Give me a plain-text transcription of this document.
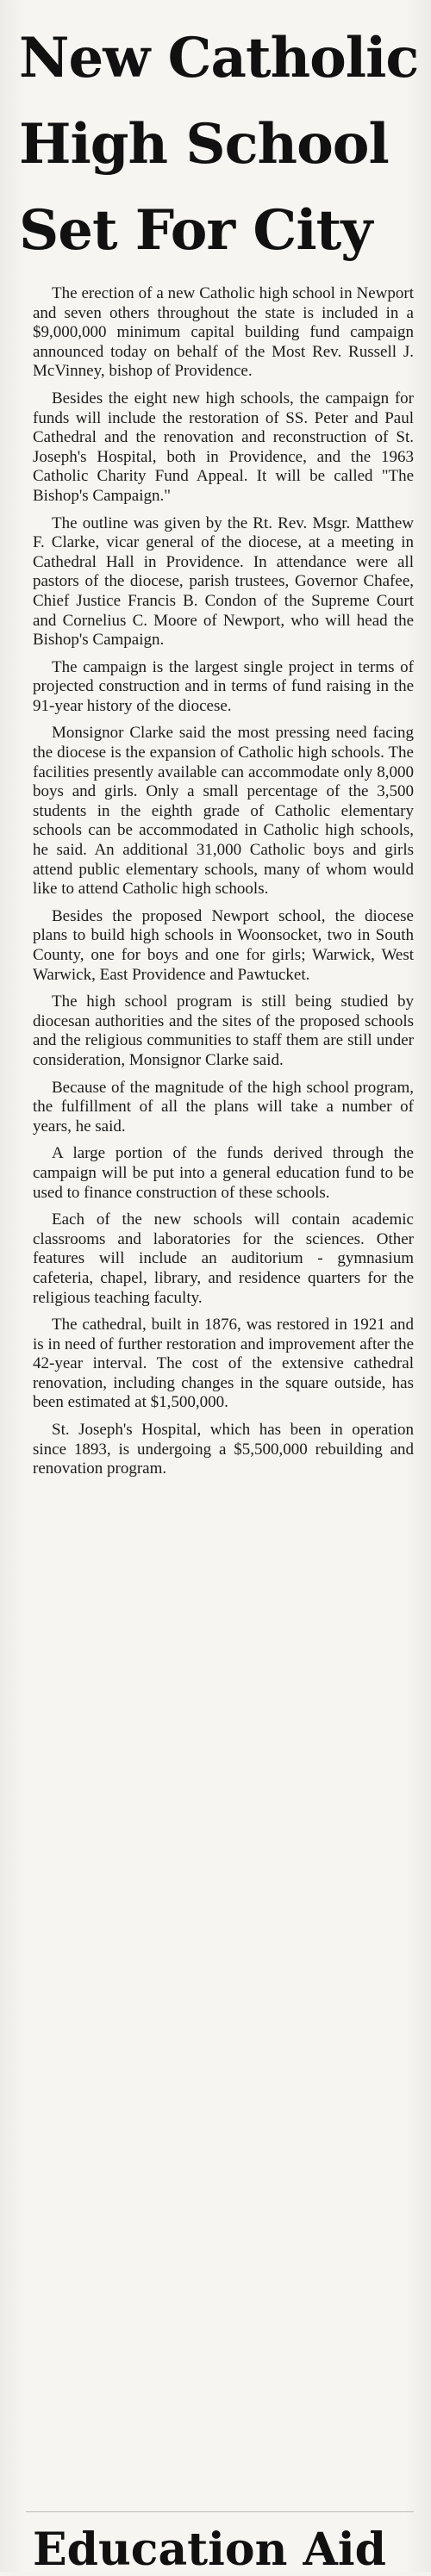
New Catholic
High School
Set For City

The erection of a new Catholic high school in Newport and seven others throughout the state is included in a $9,000,000 minimum capital building fund campaign announced today on behalf of the Most Rev. Russell J. McVinney, bishop of Providence.

Besides the eight new high schools, the campaign for funds will include the restoration of SS. Peter and Paul Cathedral and the renovation and reconstruction of St. Joseph's Hospital, both in Providence, and the 1963 Catholic Charity Fund Appeal. It will be called "The Bishop's Campaign."

The outline was given by the Rt. Rev. Msgr. Matthew F. Clarke, vicar general of the diocese, at a meeting in Cathedral Hall in Providence. In attendance were all pastors of the diocese, parish trustees, Governor Chafee, Chief Justice Francis B. Condon of the Supreme Court and Cornelius C. Moore of Newport, who will head the Bishop's Campaign.

The campaign is the largest single project in terms of projected construction and in terms of fund raising in the 91-year history of the diocese.

Monsignor Clarke said the most pressing need facing the diocese is the expansion of Catholic high schools. The facilities presently available can accommodate only 8,000 boys and girls. Only a small percentage of the 3,500 students in the eighth grade of Catholic elementary schools can be accommodated in Catholic high schools, he said. An additional 31,000 Catholic boys and girls attend public elementary schools, many of whom would like to attend Catholic high schools.

Besides the proposed Newport school, the diocese plans to build high schools in Woonsocket, two in South County, one for boys and one for girls; Warwick, West Warwick, East Providence and Pawtucket.

The high school program is still being studied by diocesan authorities and the sites of the proposed schools and the religious communities to staff them are still under consideration, Monsignor Clarke said.

Because of the magnitude of the high school program, the fulfillment of all the plans will take a number of years, he said.

A large portion of the funds derived through the campaign will be put into a general education fund to be used to finance construction of these schools.

Each of the new schools will contain academic classrooms and laboratories for the sciences. Other features will include an auditorium - gymnasium cafeteria, chapel, library, and residence quarters for the religious teaching faculty.

The cathedral, built in 1876, was restored in 1921 and is in need of further restoration and improvement after the 42-year interval. The cost of the extensive cathedral renovation, including changes in the square outside, has been estimated at $1,500,000.

St. Joseph's Hospital, which has been in operation since 1893, is undergoing a $5,500,000 rebuilding and renovation program.

Education Aid
